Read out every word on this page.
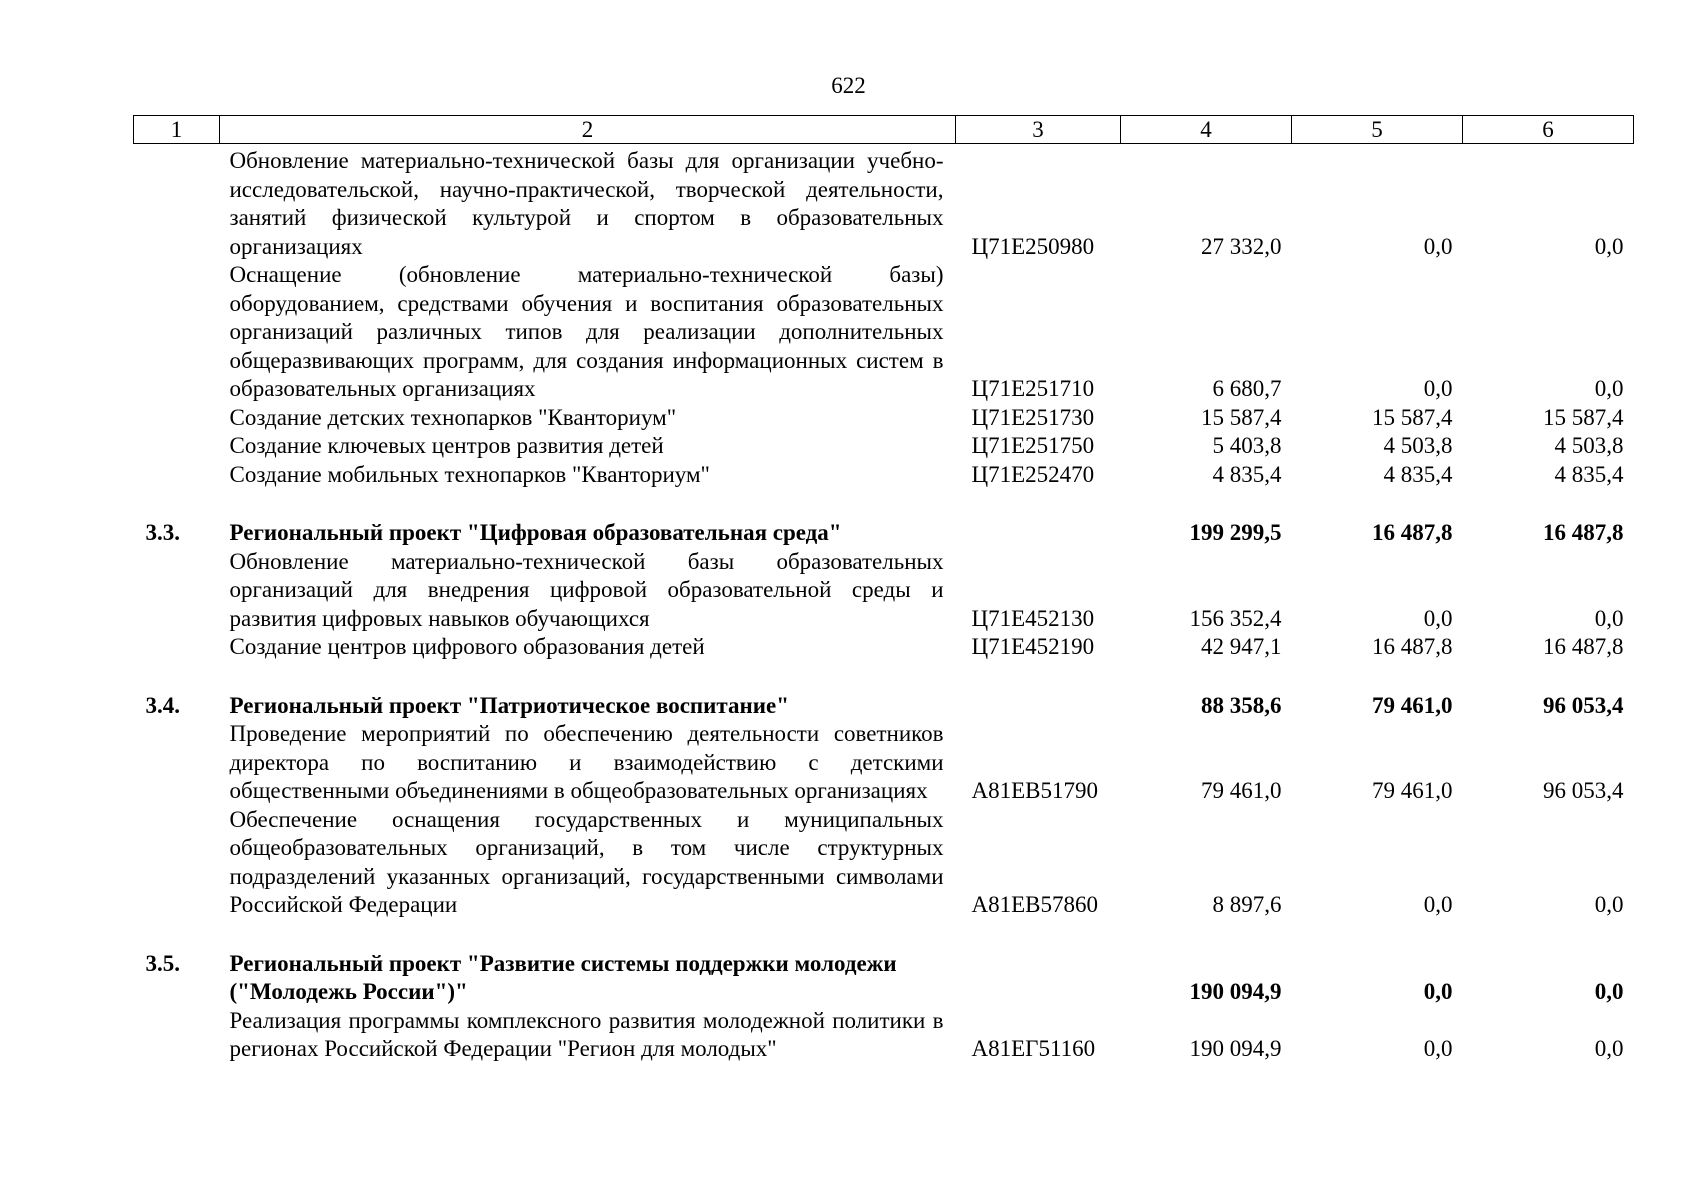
622
1	2	3	4	5	6
	Обновление материально-технической базы для организации учебно-исследовательской, научно-практической, творческой деятельности, занятий физической культурой и спортом в образовательных организациях	Ц71Е250980	27 332,0	0,0	0,0
	Оснащение (обновление материально-технической базы) оборудованием, средствами обучения и воспитания образовательных организаций различных типов для реализации дополнительных общеразвивающих программ, для создания информационных систем в образовательных организациях	Ц71Е251710	6 680,7	0,0	0,0
	Создание детских технопарков "Кванториум"	Ц71Е251730	15 587,4	15 587,4	15 587,4
	Создание ключевых центров развития детей	Ц71Е251750	5 403,8	4 503,8	4 503,8
	Создание мобильных технопарков "Кванториум"	Ц71Е252470	4 835,4	4 835,4	4 835,4

3.3.	Региональный проект "Цифровая образовательная среда"		199 299,5	16 487,8	16 487,8
	Обновление материально-технической базы образовательных организаций для внедрения цифровой образовательной среды и развития цифровых навыков обучающихся	Ц71Е452130	156 352,4	0,0	0,0
	Создание центров цифрового образования детей	Ц71Е452190	42 947,1	16 487,8	16 487,8

3.4.	Региональный проект "Патриотическое воспитание"		88 358,6	79 461,0	96 053,4
	Проведение мероприятий по обеспечению деятельности советников директора по воспитанию и взаимодействию с детскими общественными объединениями в общеобразовательных организациях	А81ЕВ51790	79 461,0	79 461,0	96 053,4
	Обеспечение оснащения государственных и муниципальных общеобразовательных организаций, в том числе структурных подразделений указанных организаций, государственными символами Российской Федерации	А81ЕВ57860	8 897,6	0,0	0,0

3.5.	Региональный проект "Развитие системы поддержки молодежи ("Молодежь России")"		190 094,9	0,0	0,0
	Реализация программы комплексного развития молодежной политики в регионах Российской Федерации "Регион для молодых"	А81ЕГ51160	190 094,9	0,0	0,0
